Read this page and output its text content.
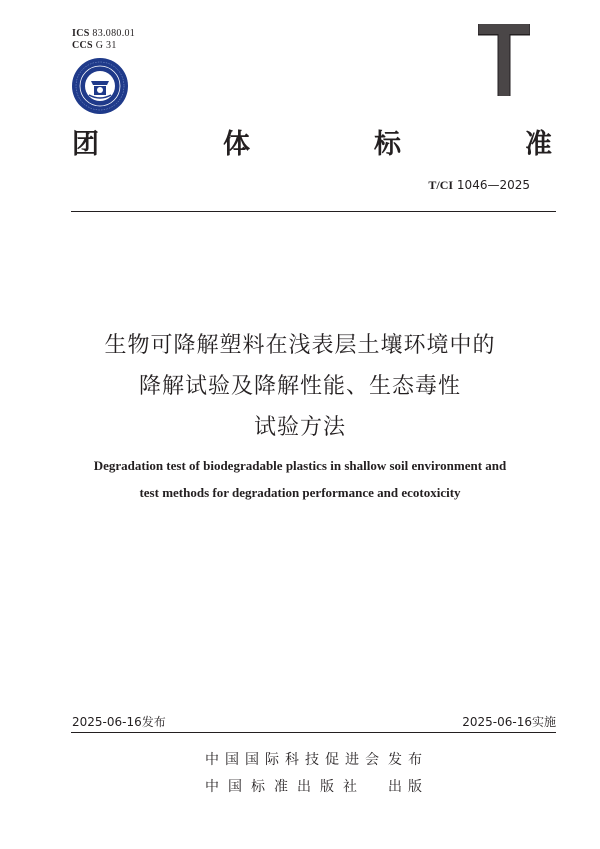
ICS 83.080.01
CCS G 31
团	体	标	准
T/CI 1046—2025
生物可降解塑料在浅表层土壤环境中的
降解试验及降解性能、生态毒性
试验方法
Degradation test of biodegradable plastics in shallow soil environment and
test methods for degradation performance and ecotoxicity
2025-06-16发布	2025-06-16实施
中国国际科技促进会 发布
中国标准出版社 出版
